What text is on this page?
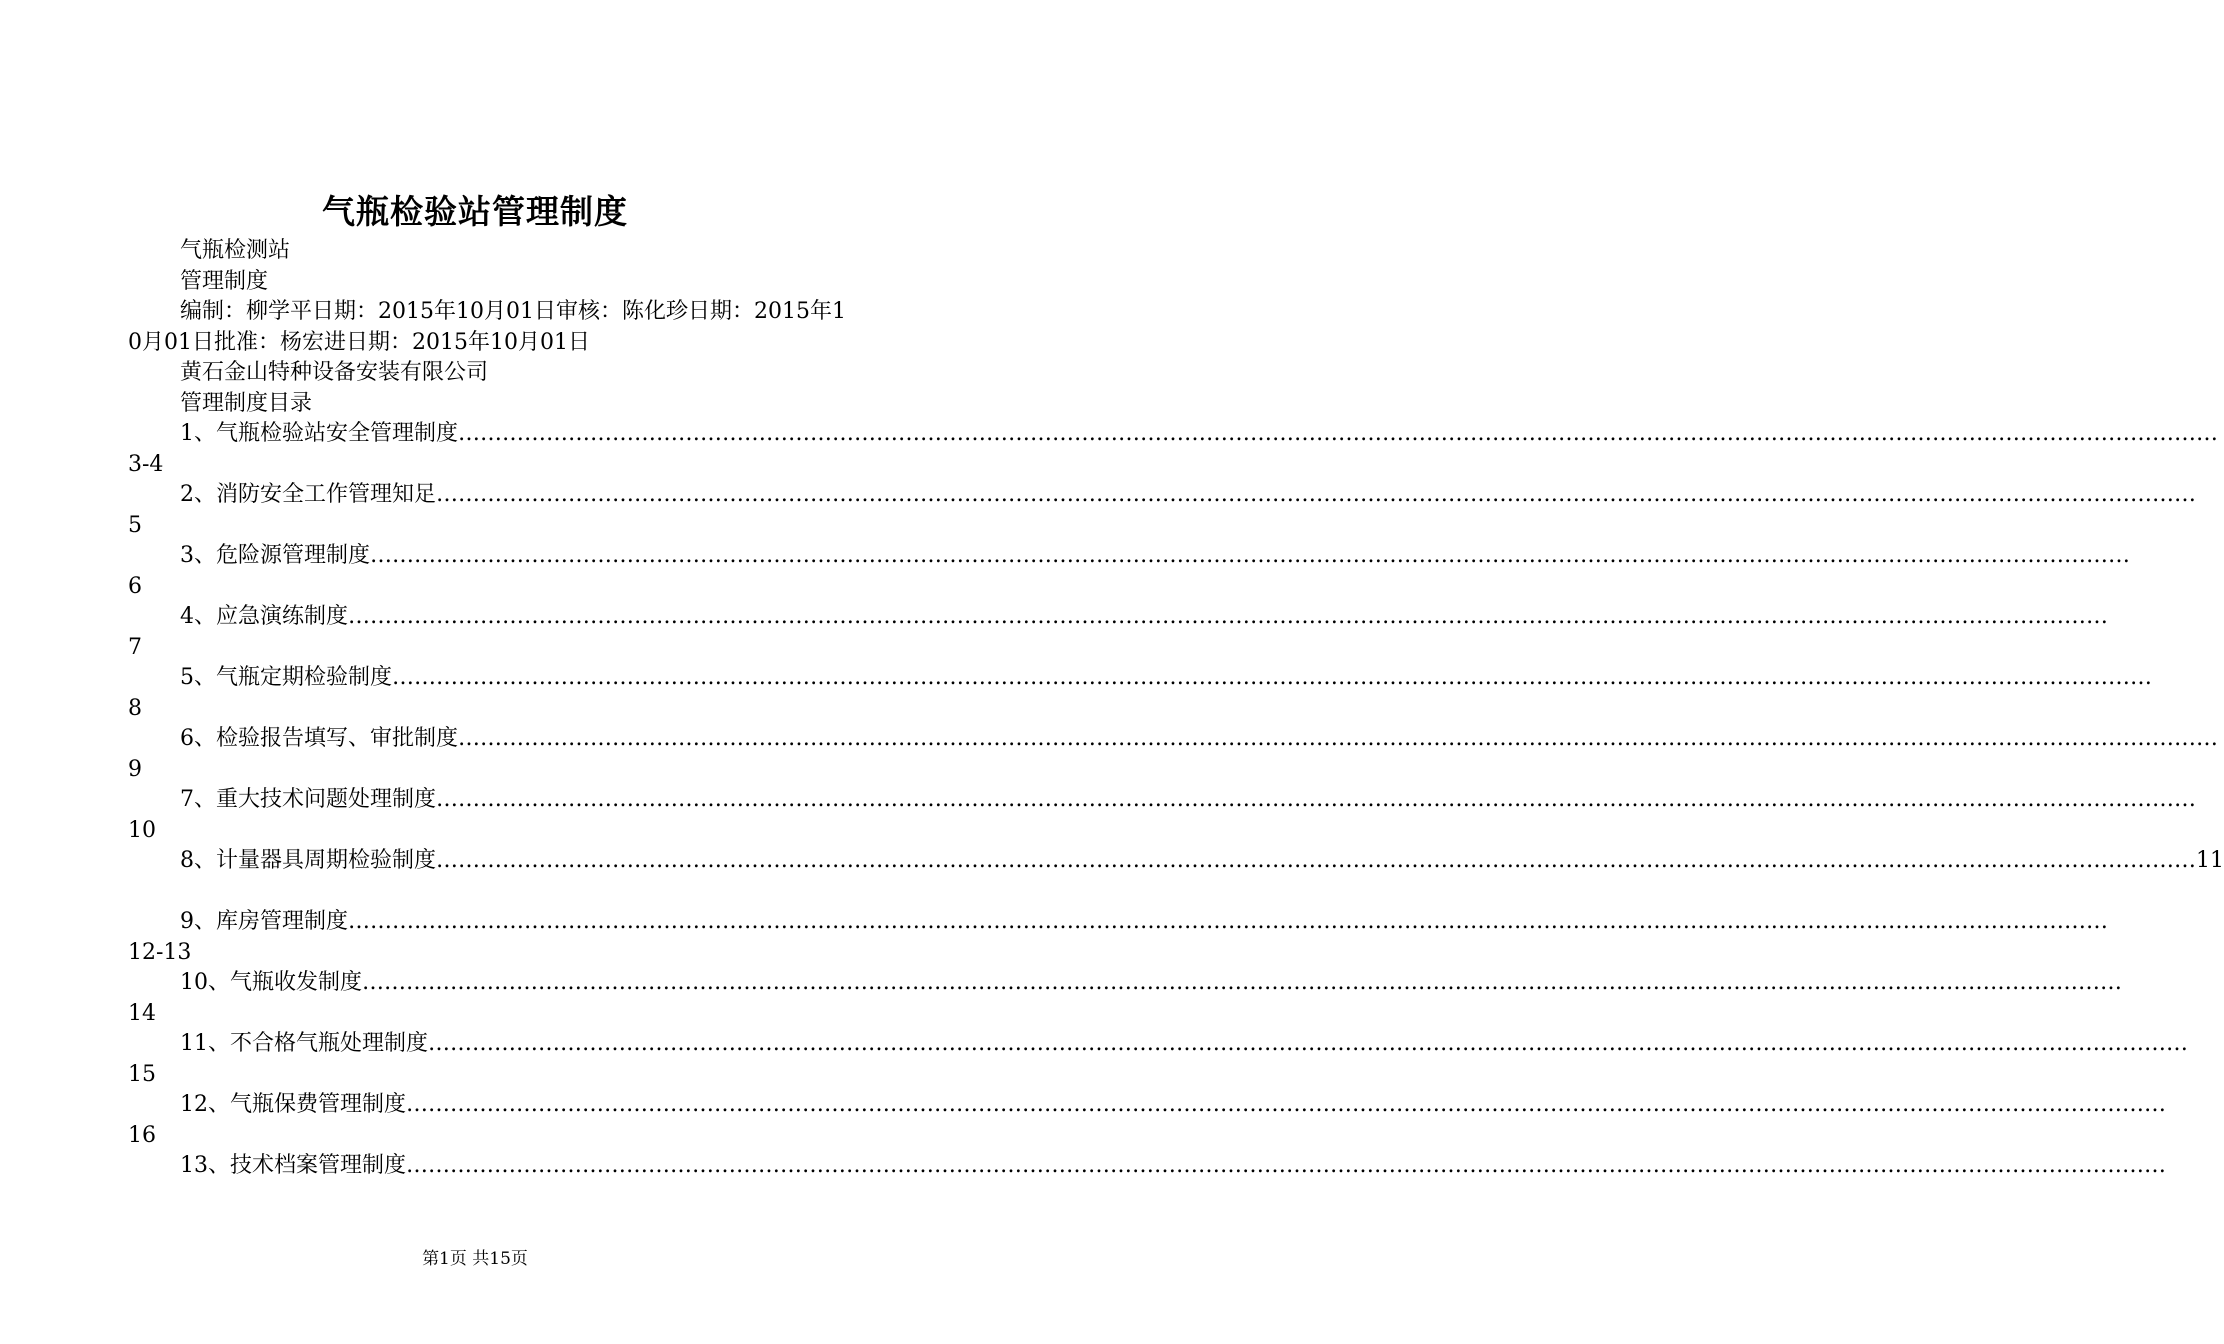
气瓶检验站管理制度

气瓶检测站

管理制度

编制：柳学平日期：2015年10月01日审核：陈化珍日期：2015年10月01日批准：杨宏进日期：2015年10月01日

黄石金山特种设备安装有限公司

管理制度目录

1、气瓶检验站安全管理制度 ……………………………………………………………………………………………………………………………………………………………………………………………………………………
3-4
2、消防安全工作管理知足 ……………………………………………………………………………………………………………………………………………………………………………………………………………………
5
3、危险源管理制度 ……………………………………………………………………………………………………………………………………………………………………………………………………………………
6
4、应急演练制度 ……………………………………………………………………………………………………………………………………………………………………………………………………………………
7
5、气瓶定期检验制度 ……………………………………………………………………………………………………………………………………………………………………………………………………………………
8
6、检验报告填写、审批制度 ……………………………………………………………………………………………………………………………………………………………………………………………………………………
9
7、重大技术问题处理制度 ……………………………………………………………………………………………………………………………………………………………………………………………………………………
10
8、计量器具周期检验制度 …………………………………………………………………………………………………………………………………………………………………………………………………………………… 11
9、库房管理制度 ……………………………………………………………………………………………………………………………………………………………………………………………………………………
12-13
10、气瓶收发制度 ……………………………………………………………………………………………………………………………………………………………………………………………………………………
14
11、不合格气瓶处理制度 ……………………………………………………………………………………………………………………………………………………………………………………………………………………
15
12、气瓶保费管理制度 ……………………………………………………………………………………………………………………………………………………………………………………………………………………
16
13、技术档案管理制度 ……………………………………………………………………………………………………………………………………………………………………………………………………………………
第1页 共15页
